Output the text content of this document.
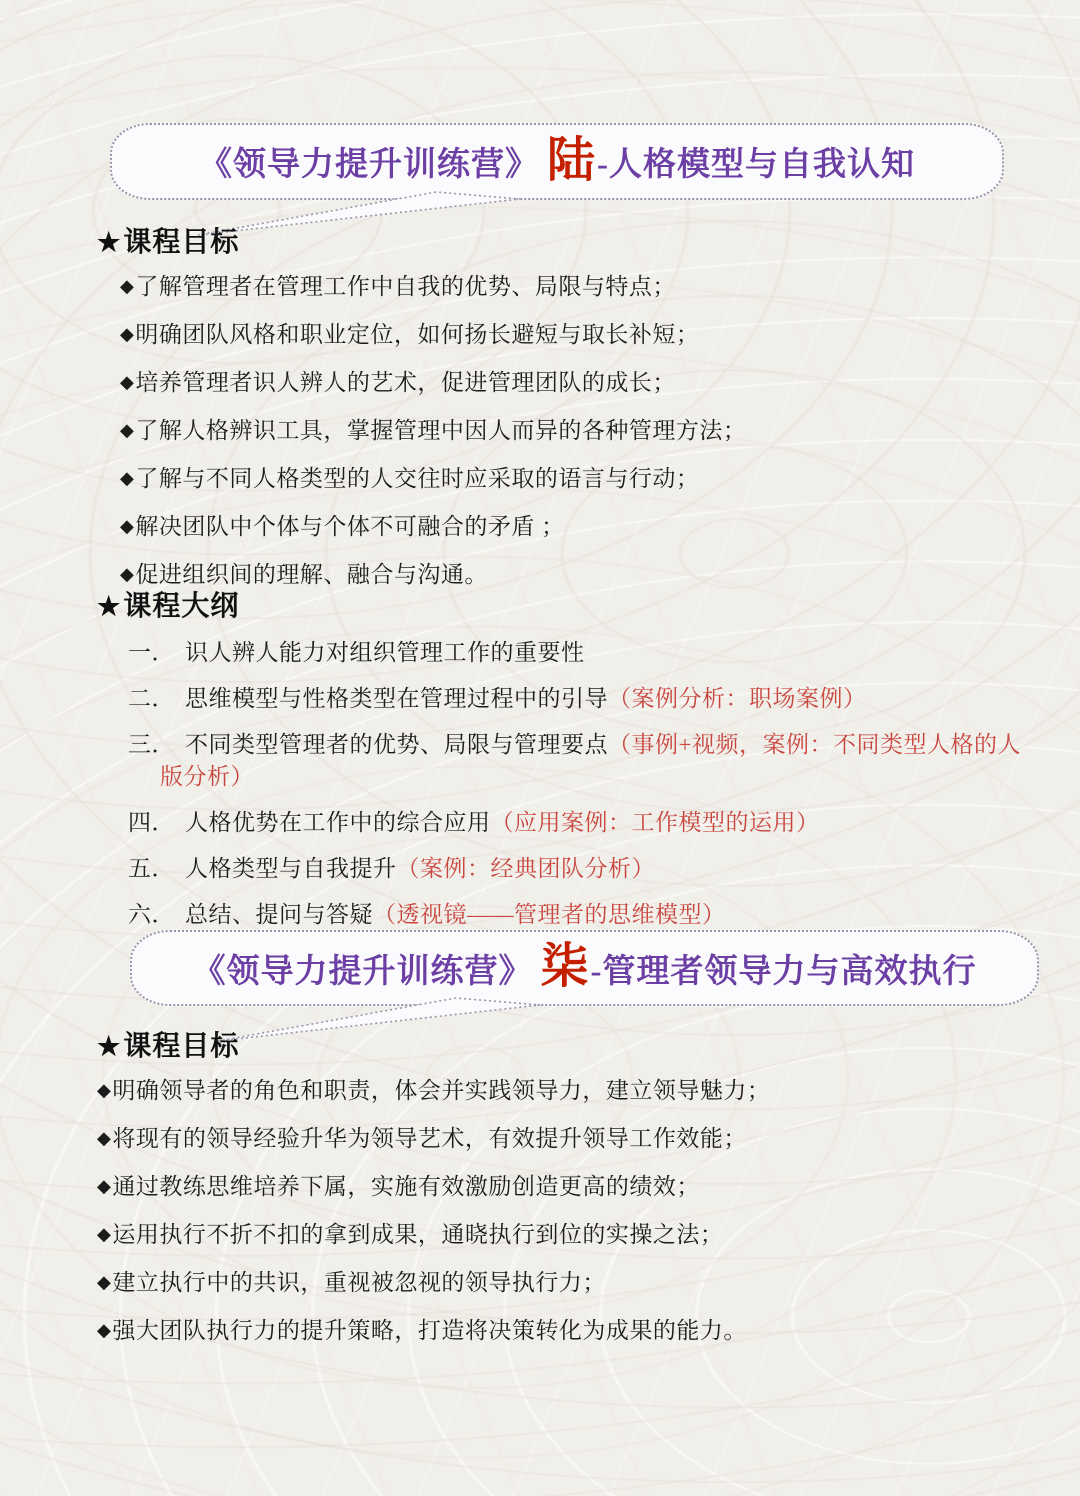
《领导力提升训练营》 陆 -人格模型与自我认知
★课程目标
◆了解管理者在管理工作中自我的优势、局限与特点；
◆明确团队风格和职业定位，如何扬长避短与取长补短；
◆培养管理者识人辨人的艺术，促进管理团队的成长；
◆了解人格辨识工具，掌握管理中因人而异的各种管理方法；
◆了解与不同人格类型的人交往时应采取的语言与行动；
◆解决团队中个体与个体不可融合的矛盾 ；
◆促进组织间的理解、融合与沟通。
★课程大纲
一． 识人辨人能力对组织管理工作的重要性
二． 思维模型与性格类型在管理过程中的引导（案例分析：职场案例）
三． 不同类型管理者的优势、局限与管理要点（事例+视频，案例：不同类型人格的人版分析）
四． 人格优势在工作中的综合应用（应用案例：工作模型的运用）
五． 人格类型与自我提升（案例：经典团队分析）
六． 总结、提问与答疑（透视镜——管理者的思维模型）
《领导力提升训练营》 柒 -管理者领导力与高效执行
★课程目标
◆明确领导者的角色和职责，体会并实践领导力，建立领导魅力；
◆将现有的领导经验升华为领导艺术，有效提升领导工作效能；
◆通过教练思维培养下属，实施有效激励创造更高的绩效；
◆运用执行不折不扣的拿到成果，通晓执行到位的实操之法；
◆建立执行中的共识，重视被忽视的领导执行力；
◆强大团队执行力的提升策略，打造将决策转化为成果的能力。
